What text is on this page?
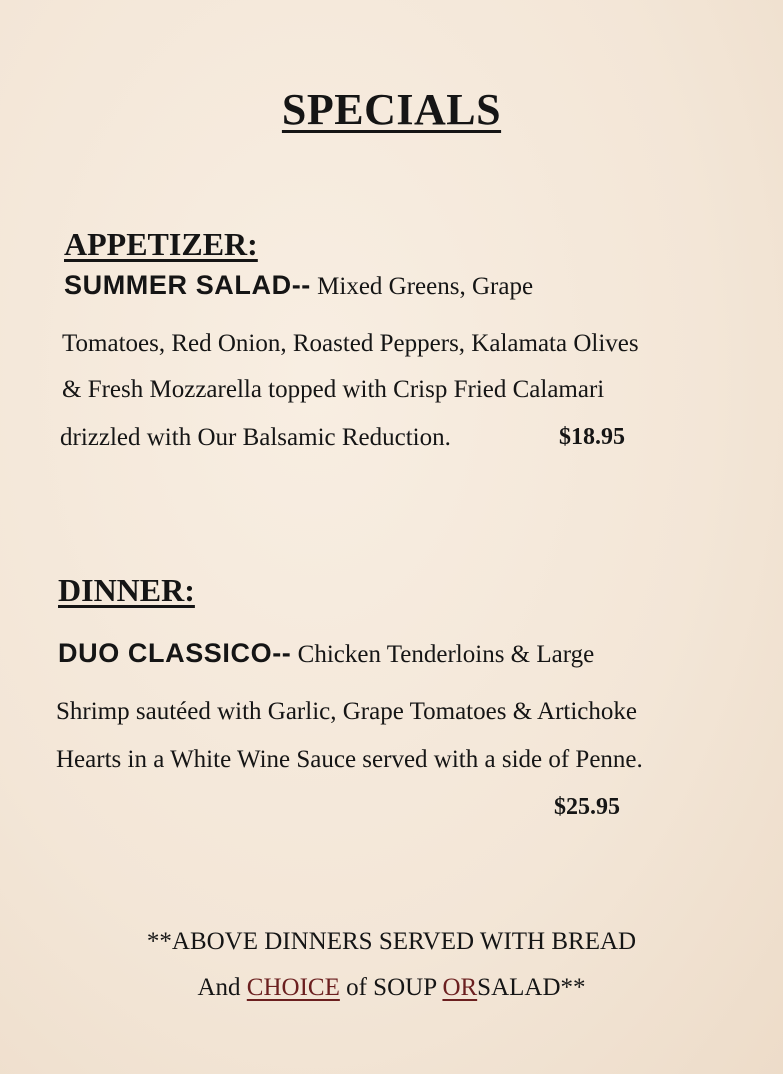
SPECIALS
APPETIZER:
SUMMER SALAD-- Mixed Greens, Grape
Tomatoes, Red Onion, Roasted Peppers, Kalamata Olives
& Fresh Mozzarella topped with Crisp Fried Calamari
drizzled with Our Balsamic Reduction.	$18.95
DINNER:
DUO CLASSICO-- Chicken Tenderloins & Large
Shrimp sautéed with Garlic, Grape Tomatoes & Artichoke
Hearts in a White Wine Sauce served with a side of Penne.
$25.95
**ABOVE DINNERS SERVED WITH BREAD
And CHOICE of SOUP ORSALAD**
